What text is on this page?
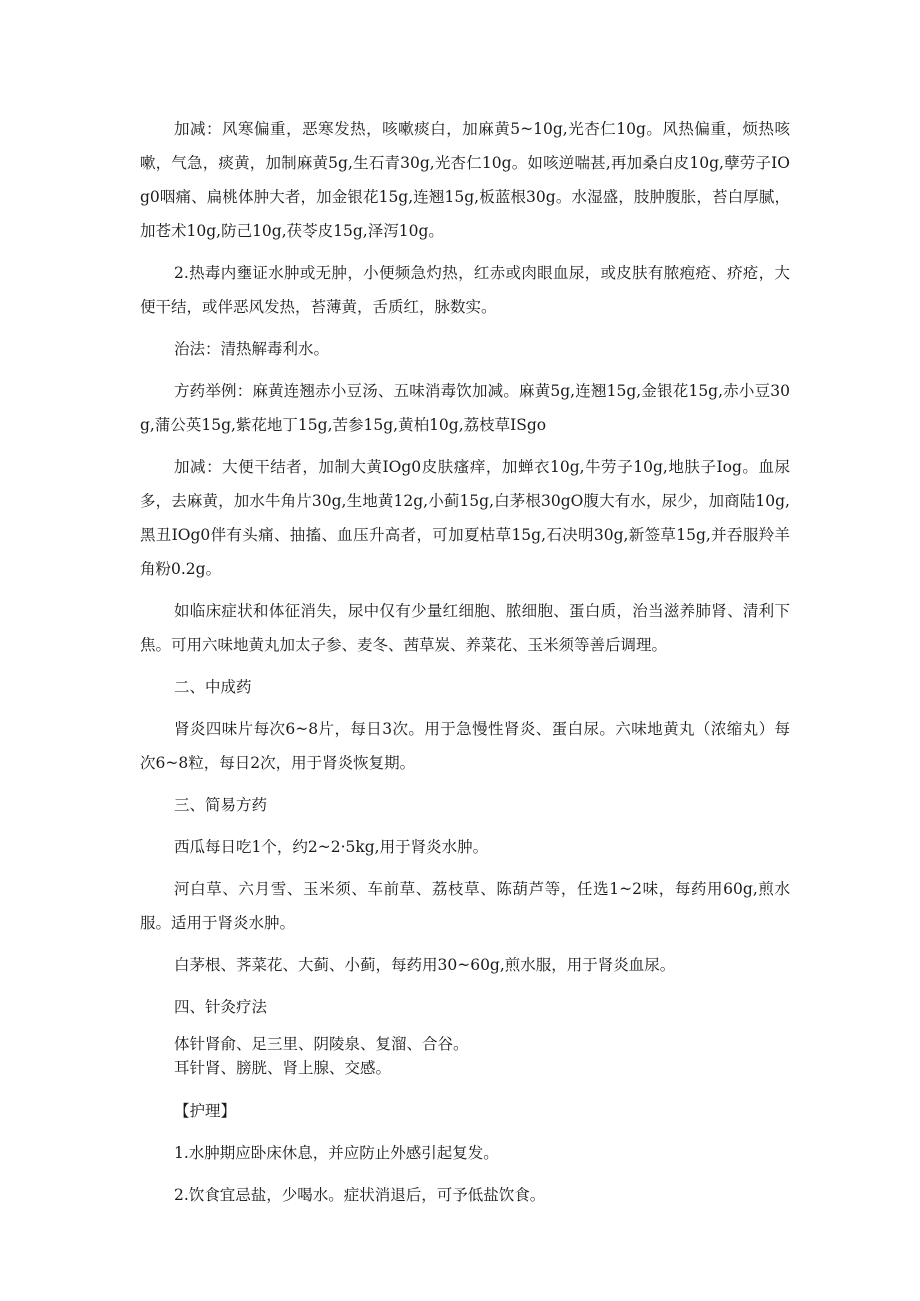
加减：风寒偏重，恶寒发热，咳嗽痰白，加麻黄5~10g,光杏仁10g。风热偏重，烦热咳嗽，气急，痰黄，加制麻黄5g,生石青30g,光杏仁10g。如咳逆喘甚,再加桑白皮10g,孽劳子IOg0咽痛、扁桃体肿大者，加金银花15g,连翘15g,板蓝根30g。水湿盛，肢肿腹胀，苔白厚腻，加苍术10g,防己10g,茯苓皮15g,泽泻10g。

2.热毒内壅证水肿或无肿，小便频急灼热，红赤或肉眼血尿，或皮肤有脓疱疮、疥疮，大便干结，或伴恶风发热，苔薄黄，舌质红，脉数实。

治法：清热解毒利水。

方药举例：麻黄连翘赤小豆汤、五味消毒饮加减。麻黄5g,连翘15g,金银花15g,赤小豆30g,蒲公英15g,紫花地丁15g,苦参15g,黄柏10g,荔枝草ISgo

加减：大便干结者，加制大黄IOg0皮肤瘙痒，加蝉衣10g,牛劳子10g,地肤子Iog。血尿多，去麻黄，加水牛角片30g,生地黄12g,小蓟15g,白茅根30gO腹大有水，尿少，加商陆10g,黑丑IOg0伴有头痛、抽搐、血压升高者，可加夏枯草15g,石决明30g,新签草15g,并吞服羚羊角粉0.2g。

如临床症状和体征消失，尿中仅有少量红细胞、脓细胞、蛋白质，治当滋养肺肾、清利下焦。可用六味地黄丸加太子参、麦冬、茜草炭、养菜花、玉米须等善后调理。

二、中成药

肾炎四味片每次6~8片，每日3次。用于急慢性肾炎、蛋白尿。六味地黄丸（浓缩丸）每次6~8粒，每日2次，用于肾炎恢复期。

三、简易方药

西瓜每日吃1个，约2~2·5kg,用于肾炎水肿。

河白草、六月雪、玉米须、车前草、荔枝草、陈葫芦等，任选1~2味，每药用60g,煎水服。适用于肾炎水肿。

白茅根、荠菜花、大蓟、小蓟，每药用30~60g,煎水服，用于肾炎血尿。

四、针灸疗法

体针肾俞、足三里、阴陵泉、复溜、合谷。

耳针肾、膀胱、肾上腺、交感。

【护理】

1.水肿期应卧床休息，并应防止外感引起复发。

2.饮食宜忌盐，少喝水。症状消退后，可予低盐饮食。
